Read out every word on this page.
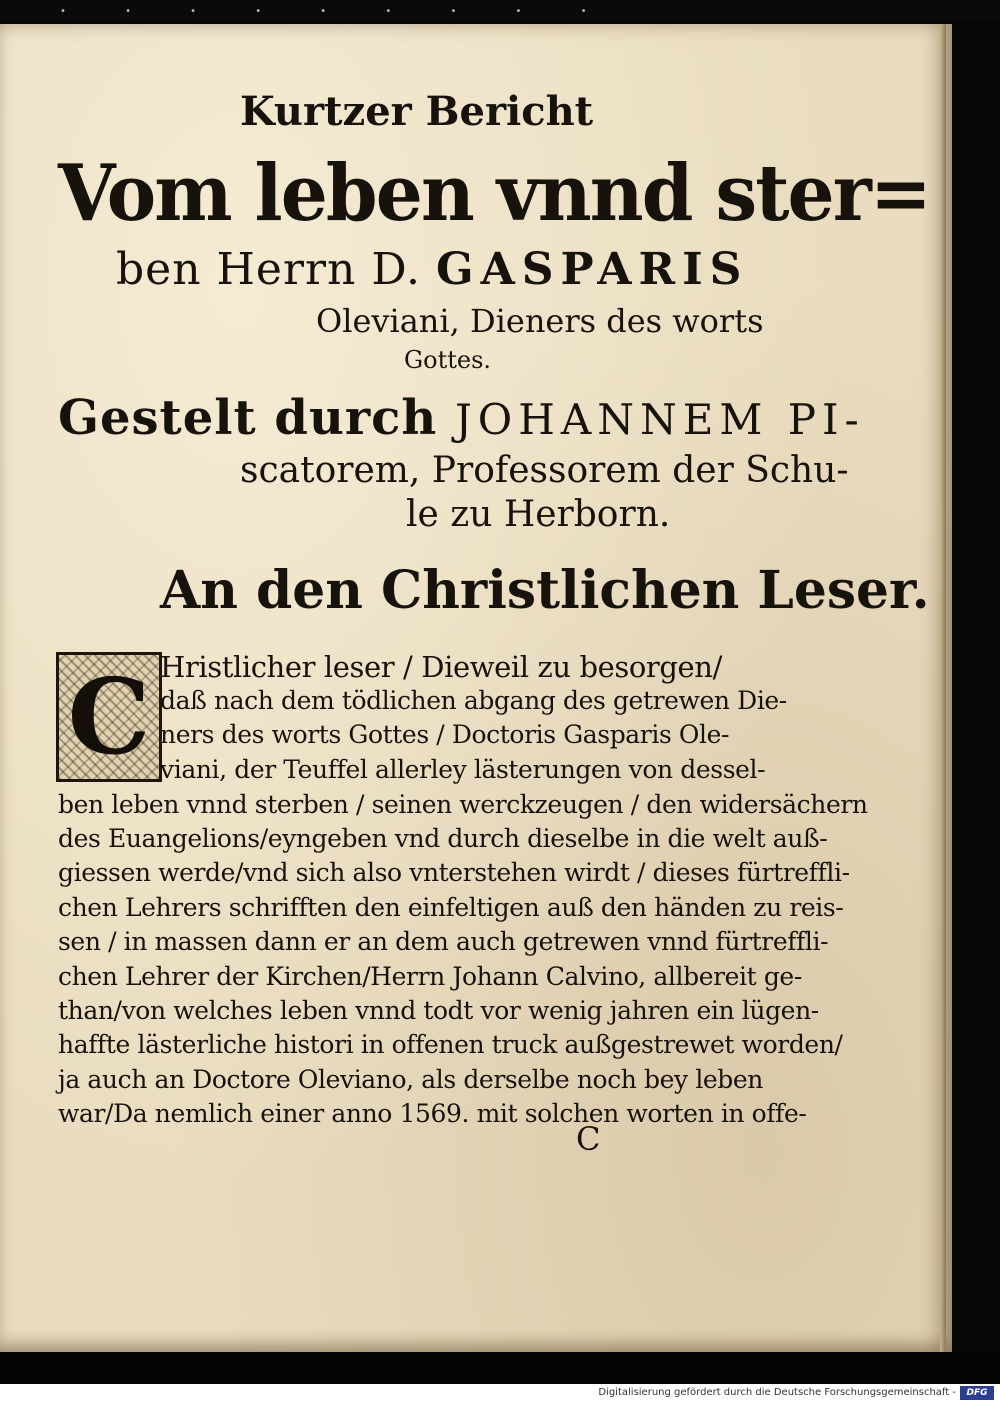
• • • • • • • • •
Kurtzer Bericht
Vom leben vnnd ster=
ben Herrn D. GASPARIS
Oleviani, Dieners des worts
Gottes.
Gestelt durch JOHANNEM PI-
scatorem, Professorem der Schu-
le zu Herborn.
An den Christlichen Leser.
C Hristlicher leser / Dieweil zu besorgen/
daß nach dem tödlichen abgang des getrewen Die-
ners des worts Gottes / Doctoris Gasparis Ole-
viani, der Teuffel allerley lästerungen von dessel-
ben leben vnnd sterben / seinen werckzeugen / den widersächern
des Euangelions/eyngeben vnd durch dieselbe in die welt auß-
giessen werde/vnd sich also vnterstehen wirdt / dieses fürtreffli-
chen Lehrers schrifften den einfeltigen auß den händen zu reis-
sen / in massen dann er an dem auch getrewen vnnd fürtreffli-
chen Lehrer der Kirchen/Herrn Johann Calvino, allbereit ge-
than/von welches leben vnnd todt vor wenig jahren ein lügen-
haffte lästerliche histori in offenen truck außgestrewet worden/
ja auch an Doctore Oleviano, als derselbe noch bey leben
war/Da nemlich einer anno 1569. mit solchen worten in offe-
C
Digitalisierung gefördert durch die Deutsche Forschungsgemeinschaft -	DFG
